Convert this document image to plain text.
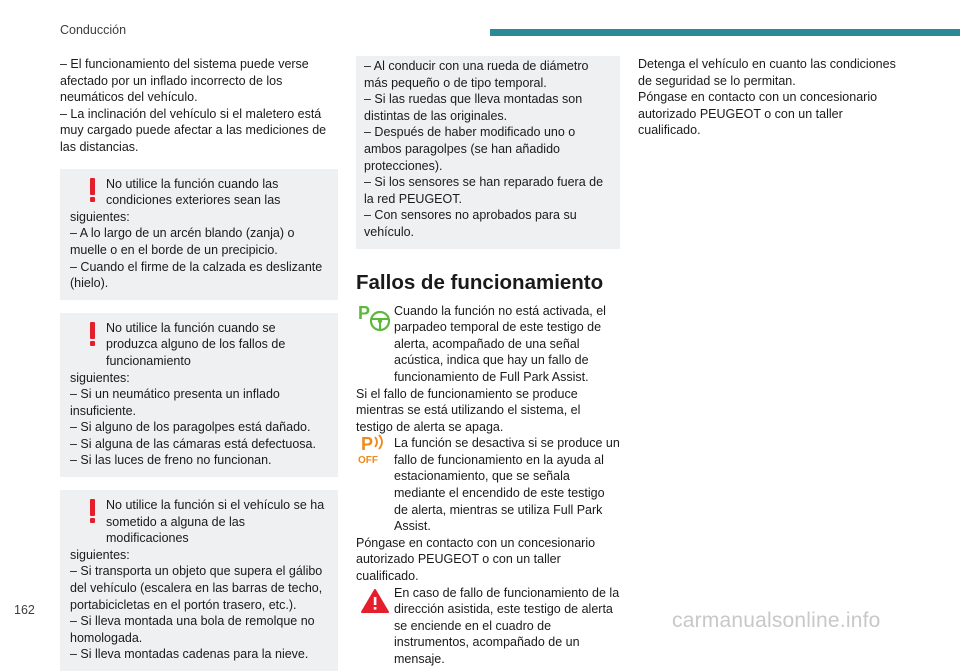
Conducción

– El funcionamiento del sistema puede verse afectado por un inflado incorrecto de los neumáticos del vehículo.

– La inclinación del vehículo si el maletero está muy cargado puede afectar a las mediciones de las distancias.

No utilice la función cuando las condiciones exteriores sean las
siguientes:
– A lo largo de un arcén blando (zanja) o muelle o en el borde de un precipicio.
– Cuando el firme de la calzada es deslizante (hielo).
No utilice la función cuando se produzca alguno de los fallos de funcionamiento
siguientes:
– Si un neumático presenta un inflado insuficiente.
– Si alguno de los paragolpes está dañado.
– Si alguna de las cámaras está defectuosa.
– Si las luces de freno no funcionan.
No utilice la función si el vehículo se ha sometido a alguna de las modificaciones
siguientes:
– Si transporta un objeto que supera el gálibo del vehículo (escalera en las barras de techo, portabicicletas en el portón trasero, etc.).
– Si lleva montada una bola de remolque no homologada.
– Si lleva montadas cadenas para la nieve.
– Al conducir con una rueda de diámetro más pequeño o de tipo temporal.
– Si las ruedas que lleva montadas son distintas de las originales.
– Después de haber modificado uno o ambos paragolpes (se han añadido protecciones).
– Si los sensores se han reparado fuera de la red PEUGEOT.
– Con sensores no aprobados para su vehículo.
Fallos de funcionamiento
P	Cuando la función no está activada, el parpadeo temporal de este testigo de alerta, acompañado de una señal acústica, indica que hay un fallo de funcionamiento de Full Park Assist.

Si el fallo de funcionamiento se produce mientras se está utilizando el sistema, el testigo de alerta se apaga.

P
OFF
La función se desactiva si se produce un fallo de funcionamiento en la ayuda al estacionamiento, que se señala mediante el encendido de este testigo de alerta, mientras se utiliza Full Park Assist.

Póngase en contacto con un concesionario autorizado PEUGEOT o con un taller cualificado.

En caso de fallo de funcionamiento de la dirección asistida, este testigo de alerta se enciende en el cuadro de instrumentos, acompañado de un mensaje.

Detenga el vehículo en cuanto las condiciones de seguridad se lo permitan.

Póngase en contacto con un concesionario autorizado PEUGEOT o con un taller cualificado.

162	carmanualsonline.info
